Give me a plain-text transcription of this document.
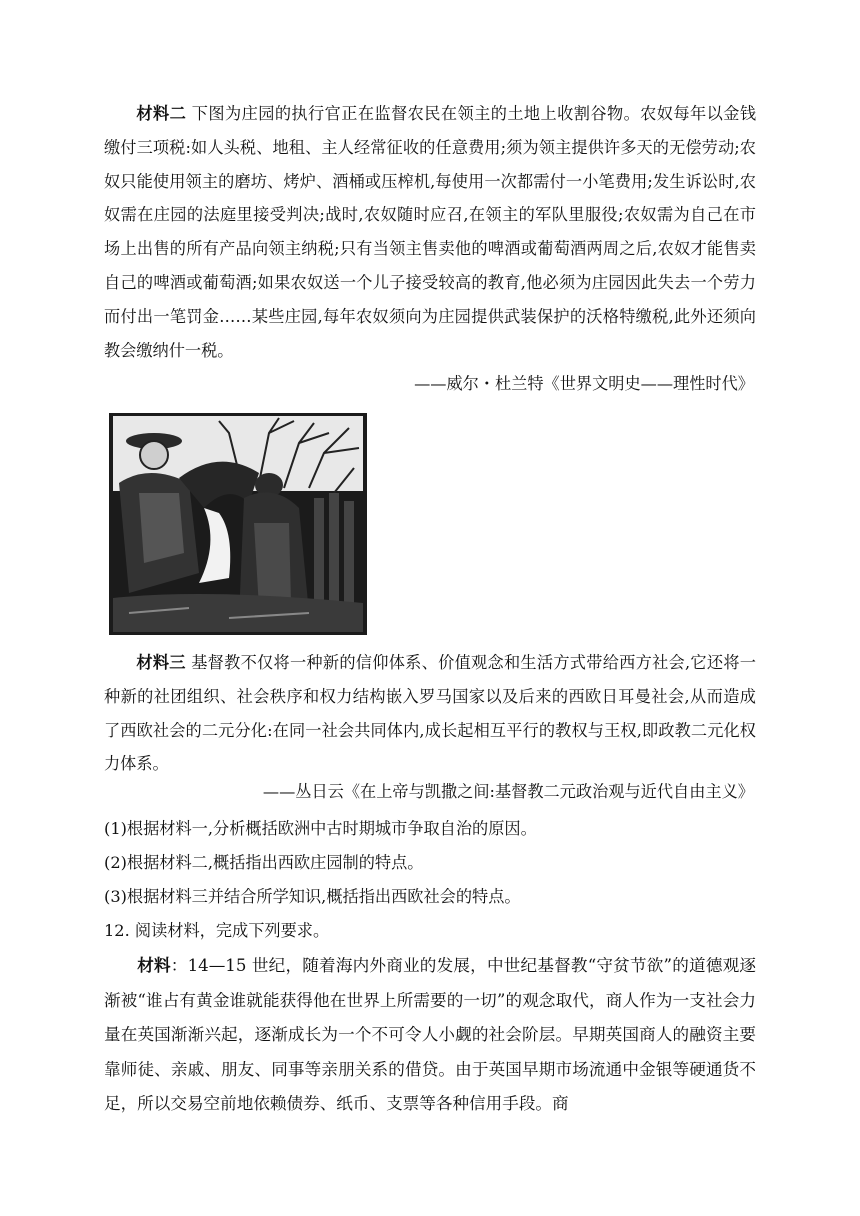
材料二 下图为庄园的执行官正在监督农民在领主的土地上收割谷物。农奴每年以金钱缴付三项税:如人头税、地租、主人经常征收的任意费用;须为领主提供许多天的无偿劳动;农奴只能使用领主的磨坊、烤炉、酒桶或压榨机,每使用一次都需付一小笔费用;发生诉讼时,农奴需在庄园的法庭里接受判决;战时,农奴随时应召,在领主的军队里服役;农奴需为自己在市场上出售的所有产品向领主纳税;只有当领主售卖他的啤酒或葡萄酒两周之后,农奴才能售卖自己的啤酒或葡萄酒;如果农奴送一个儿子接受较高的教育,他必须为庄园因此失去一个劳力而付出一笔罚金……某些庄园,每年农奴须向为庄园提供武装保护的沃格特缴税,此外还须向教会缴纳什一税。

——威尔・杜兰特《世界文明史——理性时代》

材料三 基督教不仅将一种新的信仰体系、价值观念和生活方式带给西方社会,它还将一种新的社团组织、社会秩序和权力结构嵌入罗马国家以及后来的西欧日耳曼社会,从而造成了西欧社会的二元分化:在同一社会共同体内,成长起相互平行的教权与王权,即政教二元化权力体系。

——丛日云《在上帝与凯撒之间:基督教二元政治观与近代自由主义》

(1)根据材料一,分析概括欧洲中古时期城市争取自治的原因。

(2)根据材料二,概括指出西欧庄园制的特点。

(3)根据材料三并结合所学知识,概括指出西欧社会的特点。

12. 阅读材料，完成下列要求。

材料：14—15 世纪，随着海内外商业的发展，中世纪基督教“守贫节欲”的道德观逐渐被“谁占有黄金谁就能获得他在世界上所需要的一切”的观念取代，商人作为一支社会力量在英国渐渐兴起，逐渐成长为一个不可令人小觑的社会阶层。早期英国商人的融资主要靠师徒、亲戚、朋友、同事等亲朋关系的借贷。由于英国早期市场流通中金银等硬通货不足，所以交易空前地依赖债券、纸币、支票等各种信用手段。商
